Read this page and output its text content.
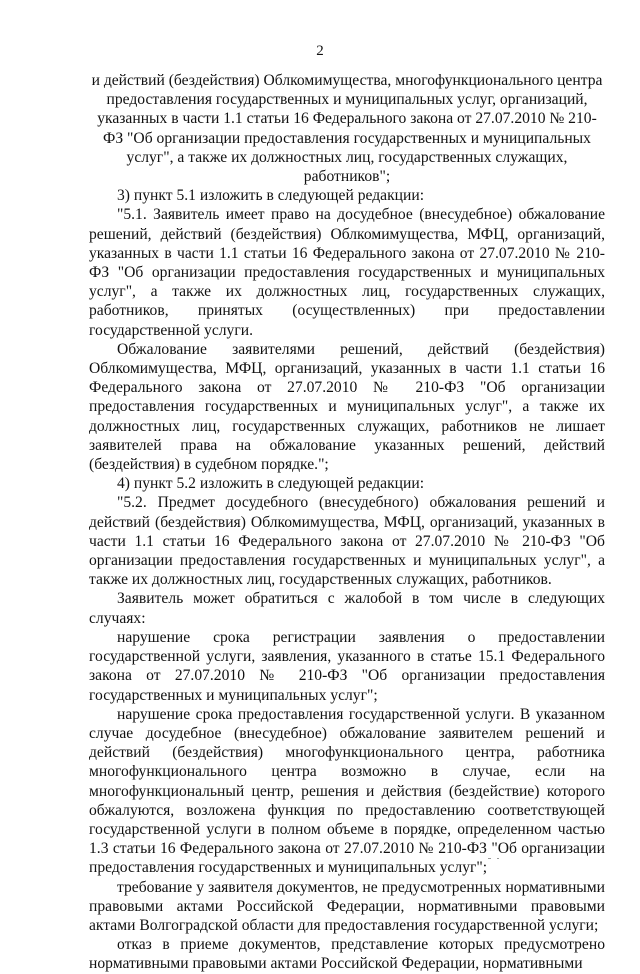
2

и действий (бездействия) Облкомимущества, многофункционального центра предоставления государственных и муниципальных услуг, организаций, указанных в части 1.1 статьи 16 Федерального закона от 27.07.2010 № 210-ФЗ "Об организации предоставления государственных и муниципальных услуг", а также их должностных лиц, государственных служащих, работников";

3) пункт 5.1 изложить в следующей редакции:

"5.1. Заявитель имеет право на досудебное (внесудебное) обжалование решений, действий (бездействия) Облкомимущества, МФЦ, организаций, указанных в части 1.1 статьи 16 Федерального закона от 27.07.2010 № 210-ФЗ "Об организации предоставления государственных и муниципальных услуг", а также их должностных лиц, государственных служащих, работников, принятых (осуществленных) при предоставлении государственной услуги.

Обжалование заявителями решений, действий (бездействия) Облкомимущества, МФЦ, организаций, указанных в части 1.1 статьи 16 Федерального закона от 27.07.2010 № 210-ФЗ "Об организации предоставления государственных и муниципальных услуг", а также их должностных лиц, государственных служащих, работников не лишает заявителей права на обжалование указанных решений, действий (бездействия) в судебном порядке.";

4) пункт 5.2 изложить в следующей редакции:

"5.2. Предмет досудебного (внесудебного) обжалования решений и действий (бездействия) Облкомимущества, МФЦ, организаций, указанных в части 1.1 статьи 16 Федерального закона от 27.07.2010 № 210-ФЗ "Об организации предоставления государственных и муниципальных услуг", а также их должностных лиц, государственных служащих, работников.

Заявитель может обратиться с жалобой в том числе в следующих случаях:

нарушение срока регистрации заявления о предоставлении государственной услуги, заявления, указанного в статье 15.1 Федерального закона от 27.07.2010 № 210-ФЗ "Об организации предоставления государственных и муниципальных услуг";

нарушение срока предоставления государственной услуги. В указанном случае досудебное (внесудебное) обжалование заявителем решений и действий (бездействия) многофункционального центра, работника многофункционального центра возможно в случае, если на многофункциональный центр, решения и действия (бездействие) которого обжалуются, возложена функция по предоставлению соответствующей государственной услуги в полном объеме в порядке, определенном частью 1.3 статьи 16 Федерального закона от 27.07.2010 № 210-ФЗ "Об организации предоставления государственных и муниципальных услуг";

требование у заявителя документов, не предусмотренных нормативными правовыми актами Российской Федерации, нормативными правовыми актами Волгоградской области для предоставления государственной услуги;

отказ в приеме документов, представление которых предусмотрено нормативными правовыми актами Российской Федерации, нормативными
